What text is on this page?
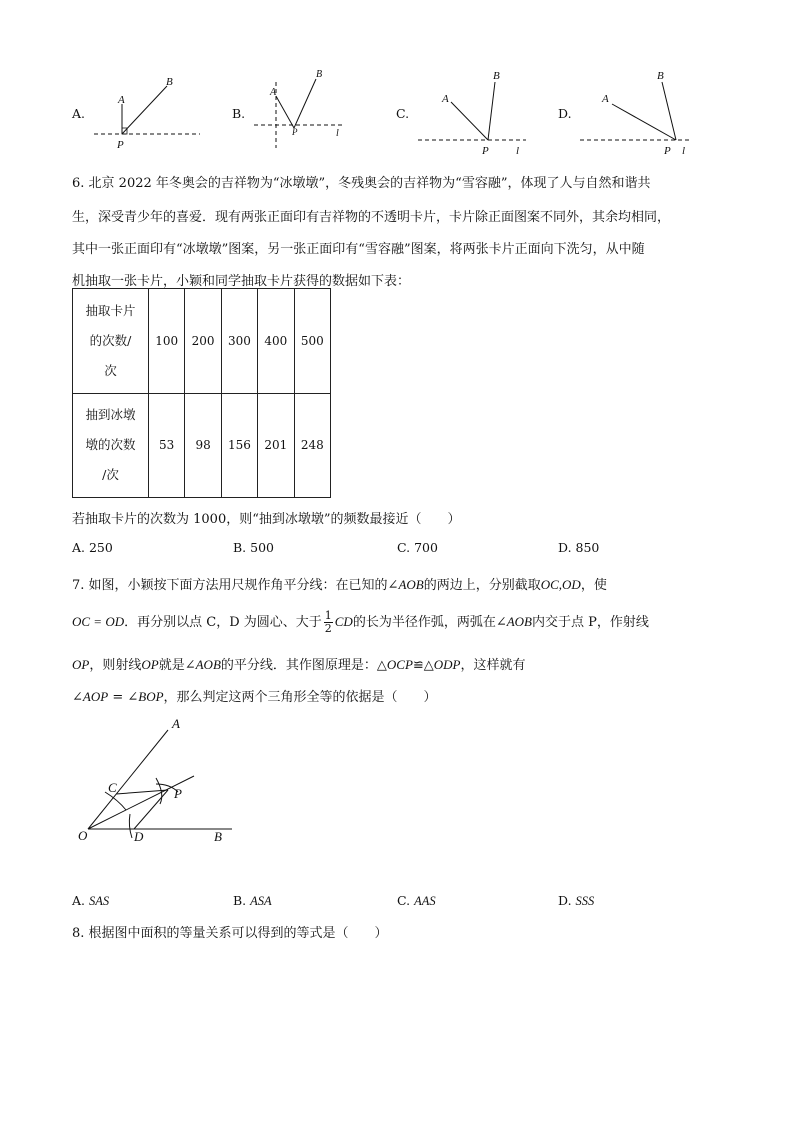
A.
A
B
P
B.
A
B
P	l
C.
A
B
P l
D.
A
B
P l
6. 北京 2022 年冬奥会的吉祥物为“冰墩墩”，冬残奥会的吉祥物为“雪容融”，体现了人与自然和谐共
生，深受青少年的喜爱．现有两张正面印有吉祥物的不透明卡片，卡片除正面图案不同外，其余均相同，
其中一张正面印有“冰墩墩”图案，另一张正面印有“雪容融”图案，将两张卡片正面向下洗匀，从中随
机抽取一张卡片，小颖和同学抽取卡片获得的数据如下表：
抽取卡片
的次数/
次	100	200	300	400	500

抽到冰墩
墩的次数
/次	53	98	156	201	248
若抽取卡片的次数为 1000，则“抽到冰墩墩”的频数最接近（　　）
A. 250	B. 500	C. 700	D. 850
7. 如图，小颖按下面方法用尺规作角平分线：在已知的∠AOB的两边上，分别截取OC,OD，使
OC = OD．再分别以点 C，D 为圆心、大于 $\frac{1}{2}$ CD的长为半径作弧，两弧在∠AOB内交于点 P，作射线
OP，则射线OP就是∠AOB的平分线．其作图原理是：△OCP≌△ODP，这样就有
∠AOP = ∠BOP，那么判定这两个三角形全等的依据是（　　）
A
C	P
O	D	B
A. SAS	B. ASA	C. AAS	D. SSS
8. 根据图中面积的等量关系可以得到的等式是（　　）
